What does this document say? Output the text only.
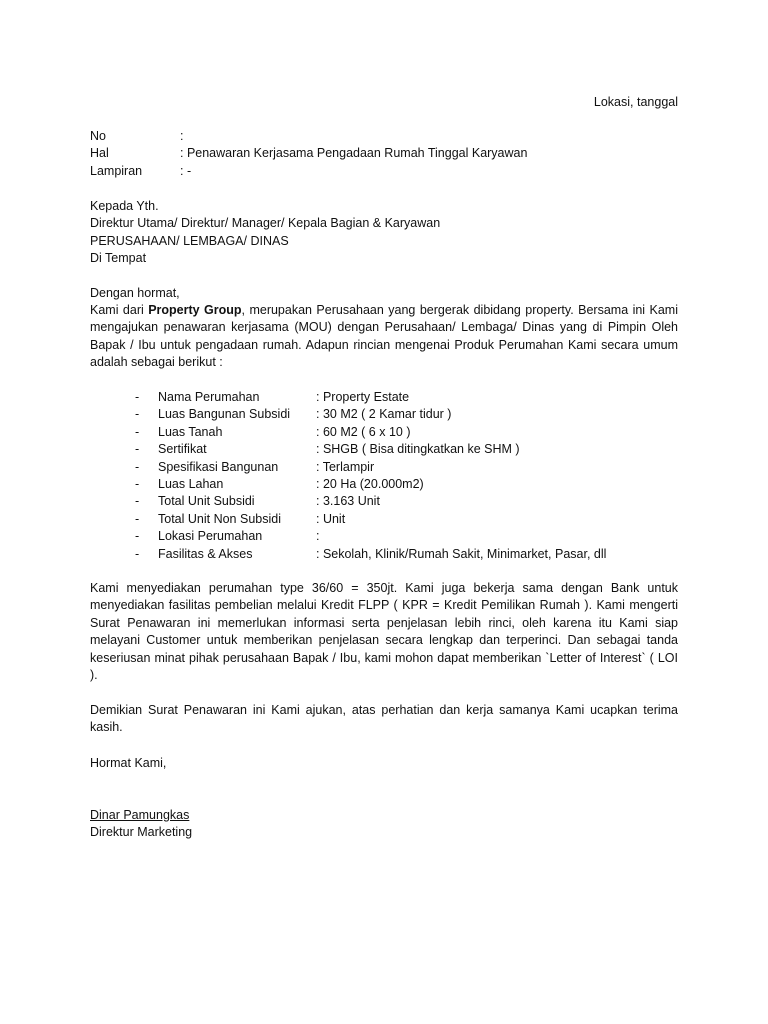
Lokasi, tanggal
No	:
Hal	: Penawaran Kerjasama Pengadaan Rumah Tinggal Karyawan
Lampiran	: -
Kepada Yth.
Direktur Utama/ Direktur/ Manager/ Kepala Bagian & Karyawan
PERUSAHAAN/ LEMBAGA/ DINAS
Di Tempat
Dengan hormat,
Kami dari Property Group, merupakan Perusahaan yang bergerak dibidang property. Bersama ini Kami mengajukan penawaran kerjasama (MOU) dengan Perusahaan/ Lembaga/ Dinas yang di Pimpin Oleh Bapak / Ibu untuk pengadaan rumah. Adapun rincian mengenai Produk Perumahan Kami secara umum adalah sebagai berikut :
- Nama Perumahan	: Property Estate
- Luas Bangunan Subsidi : 30 M2 ( 2 Kamar tidur )
- Luas Tanah	: 60 M2 ( 6 x 10 )
- Sertifikat	: SHGB ( Bisa ditingkatkan ke SHM )
- Spesifikasi Bangunan	: Terlampir
- Luas Lahan	: 20 Ha (20.000m2)
- Total Unit Subsidi	: 3.163 Unit
- Total Unit Non Subsidi	: Unit
- Lokasi Perumahan	:
- Fasilitas & Akses	: Sekolah, Klinik/Rumah Sakit, Minimarket, Pasar, dll
Kami menyediakan perumahan type 36/60 = 350jt. Kami juga bekerja sama dengan Bank untuk menyediakan fasilitas pembelian melalui Kredit FLPP ( KPR = Kredit Pemilikan Rumah ). Kami mengerti Surat Penawaran ini memerlukan informasi serta penjelasan lebih rinci, oleh karena itu Kami siap melayani Customer untuk memberikan penjelasan secara lengkap dan terperinci. Dan sebagai tanda keseriusan minat pihak perusahaan Bapak / Ibu, kami mohon dapat memberikan `Letter of Interest` ( LOI ).
Demikian Surat Penawaran ini Kami ajukan, atas perhatian dan kerja samanya Kami ucapkan terima kasih.
Hormat Kami,
Dinar Pamungkas
Direktur Marketing
